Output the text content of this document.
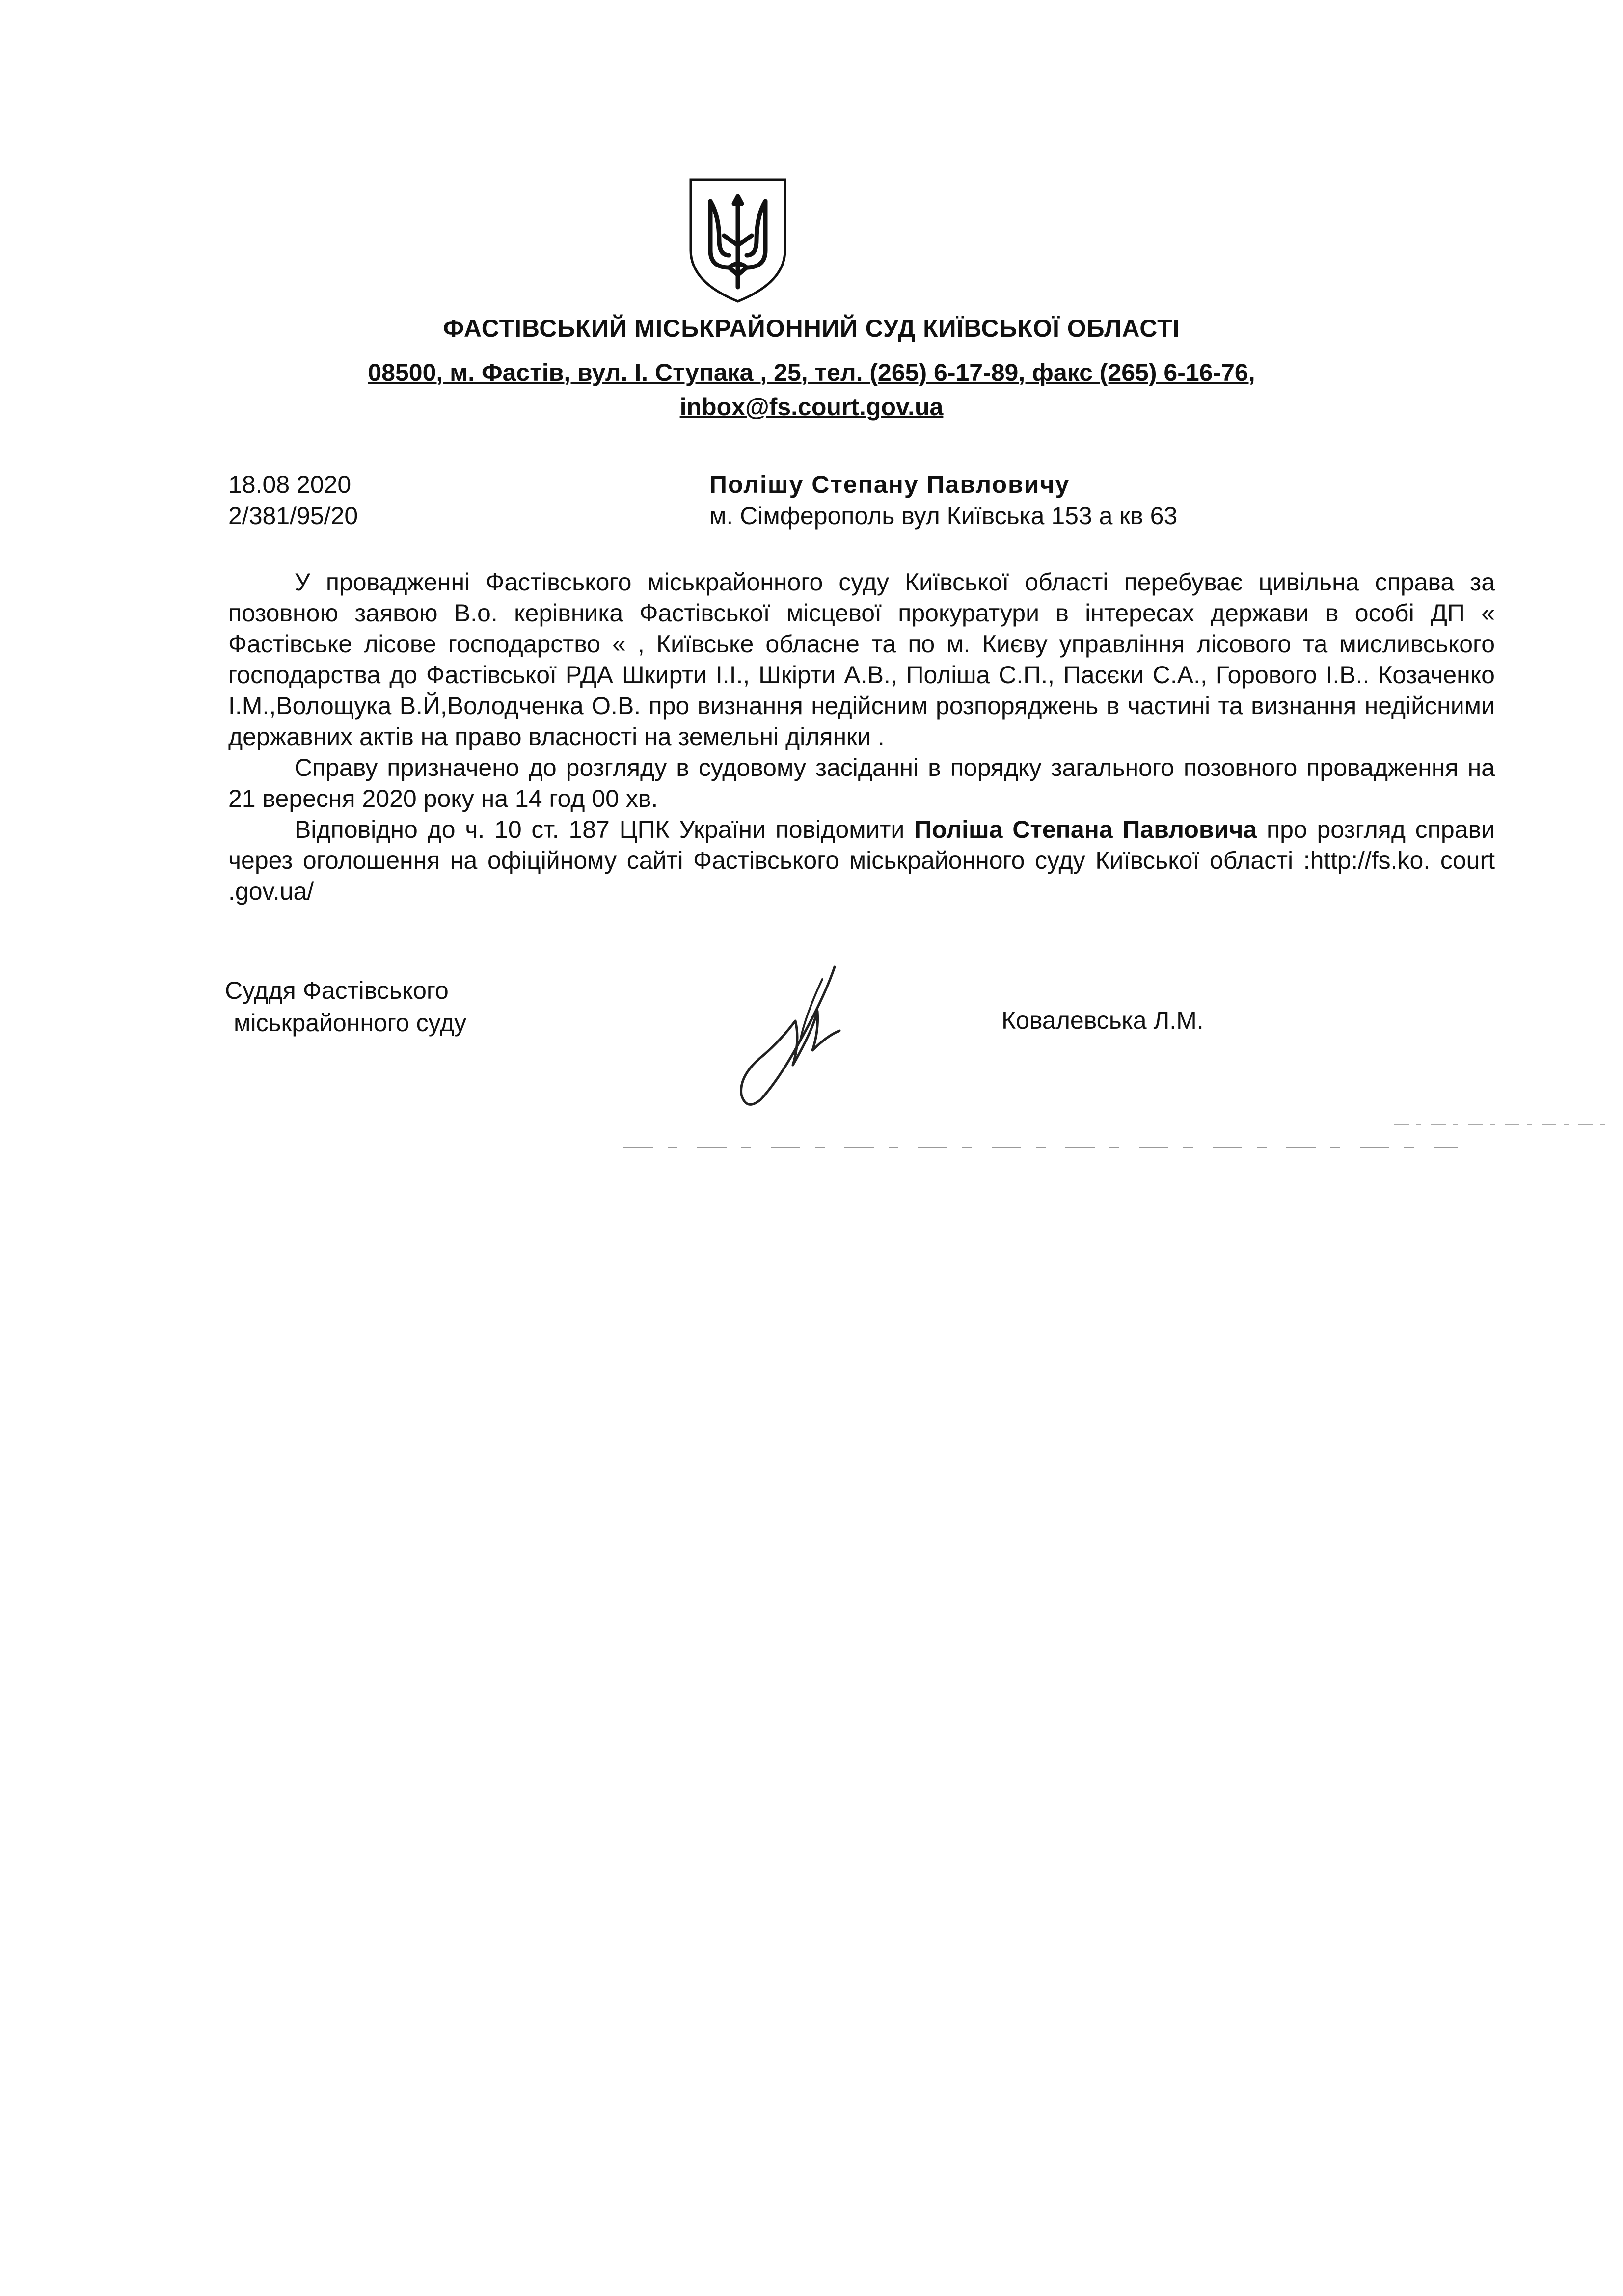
ФАСТІВСЬКИЙ МІСЬКРАЙОННИЙ СУД КИЇВСЬКОЇ ОБЛАСТІ
08500, м. Фастів, вул. І. Ступака , 25, тел. (265) 6-17-89, факс (265) 6-16-76,
inbox@fs.court.gov.ua
18.08 2020
2/381/95/20
Полішу Степану Павловичу
м. Сімферополь вул Київська 153 а кв 63

У провадженні Фастівського міськрайонного суду Київської області перебуває цивільна справа за позовною заявою В.о. керівника Фастівської місцевої прокуратури в інтересах держави в особі ДП « Фастівське лісове господарство « , Київське обласне та по м. Києву управління лісового та мисливського господарства до Фастівської РДА Шкирти І.І., Шкірти А.В., Поліша С.П., Пасєки С.А., Горового І.В.. Козаченко І.М.,Волощука В.Й,Володченка О.В. про визнання недійсним розпоряджень в частині та визнання недійсними державних актів на право власності на земельні ділянки .

Справу призначено до розгляду в судовому засіданні в порядку загального позовного провадження на 21 вересня 2020 року на 14 год 00 хв.

Відповідно до ч. 10 ст. 187 ЦПК України повідомити Поліша Степана Павловича про розгляд справи через оголошення на офіційному сайті Фастівського міськрайонного суду Київської області :http://fs.ko. court .gov.ua/

Суддя Фастівського
міськрайонного суду	Ковалевська Л.М.
